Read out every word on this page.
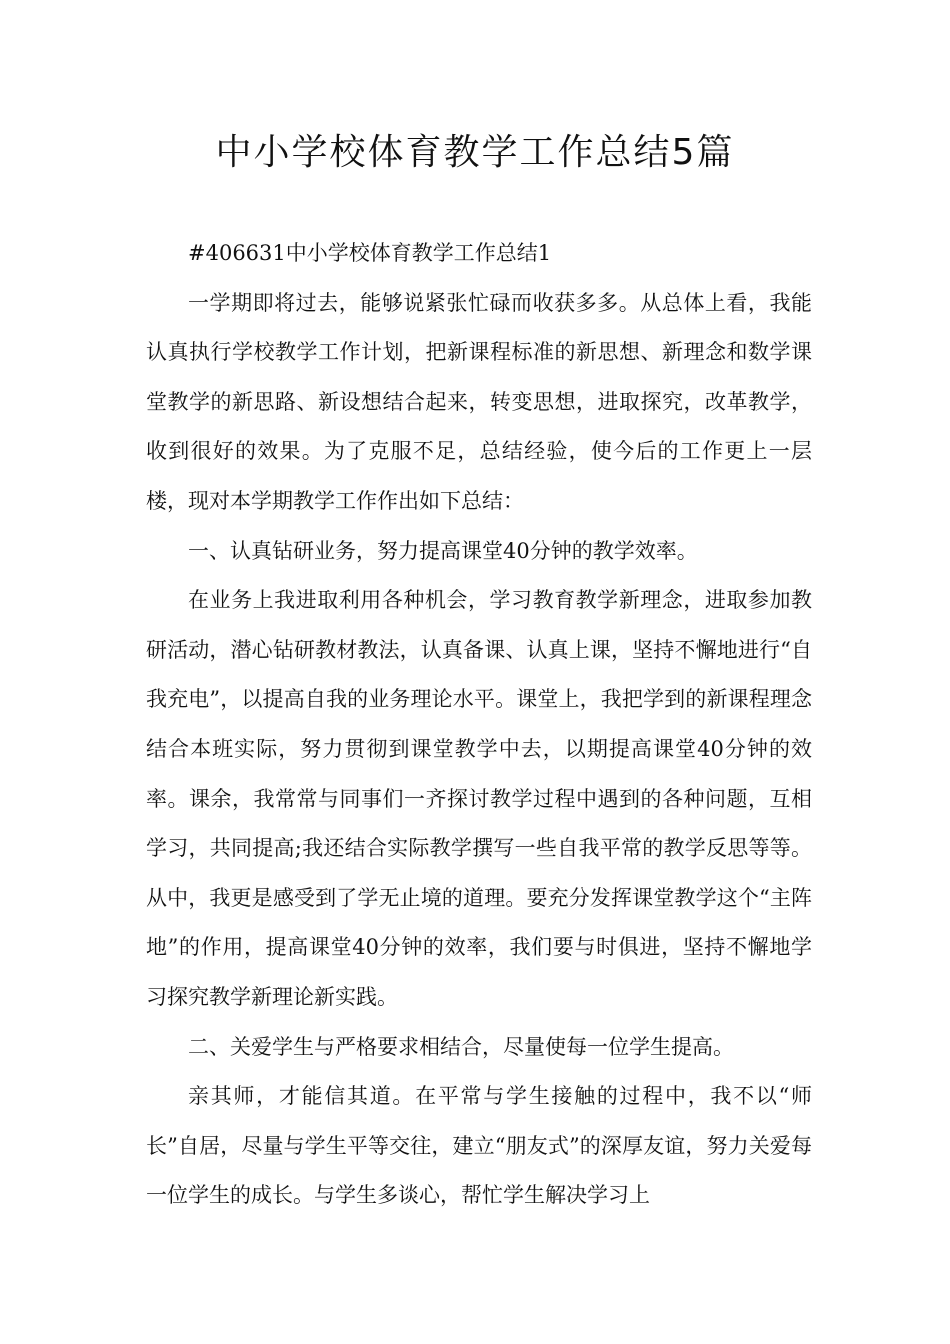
中小学校体育教学工作总结5篇

#406631中小学校体育教学工作总结1

一学期即将过去，能够说紧张忙碌而收获多多。从总体上看，我能认真执行学校教学工作计划，把新课程标准的新思想、新理念和数学课堂教学的新思路、新设想结合起来，转变思想，进取探究，改革教学，收到很好的效果。为了克服不足，总结经验，使今后的工作更上一层楼，现对本学期教学工作作出如下总结：

一、认真钻研业务，努力提高课堂40分钟的教学效率。

在业务上我进取利用各种机会，学习教育教学新理念，进取参加教研活动，潜心钻研教材教法，认真备课、认真上课，坚持不懈地进行“自我充电”，以提高自我的业务理论水平。课堂上，我把学到的新课程理念结合本班实际，努力贯彻到课堂教学中去，以期提高课堂40分钟的效率。课余，我常常与同事们一齐探讨教学过程中遇到的各种问题，互相学习，共同提高;我还结合实际教学撰写一些自我平常的教学反思等等。从中，我更是感受到了学无止境的道理。要充分发挥课堂教学这个“主阵地”的作用，提高课堂40分钟的效率，我们要与时俱进，坚持不懈地学习探究教学新理论新实践。

二、关爱学生与严格要求相结合，尽量使每一位学生提高。

亲其师，才能信其道。在平常与学生接触的过程中，我不以“师长”自居，尽量与学生平等交往，建立“朋友式”的深厚友谊，努力关爱每一位学生的成长。与学生多谈心，帮忙学生解决学习上
